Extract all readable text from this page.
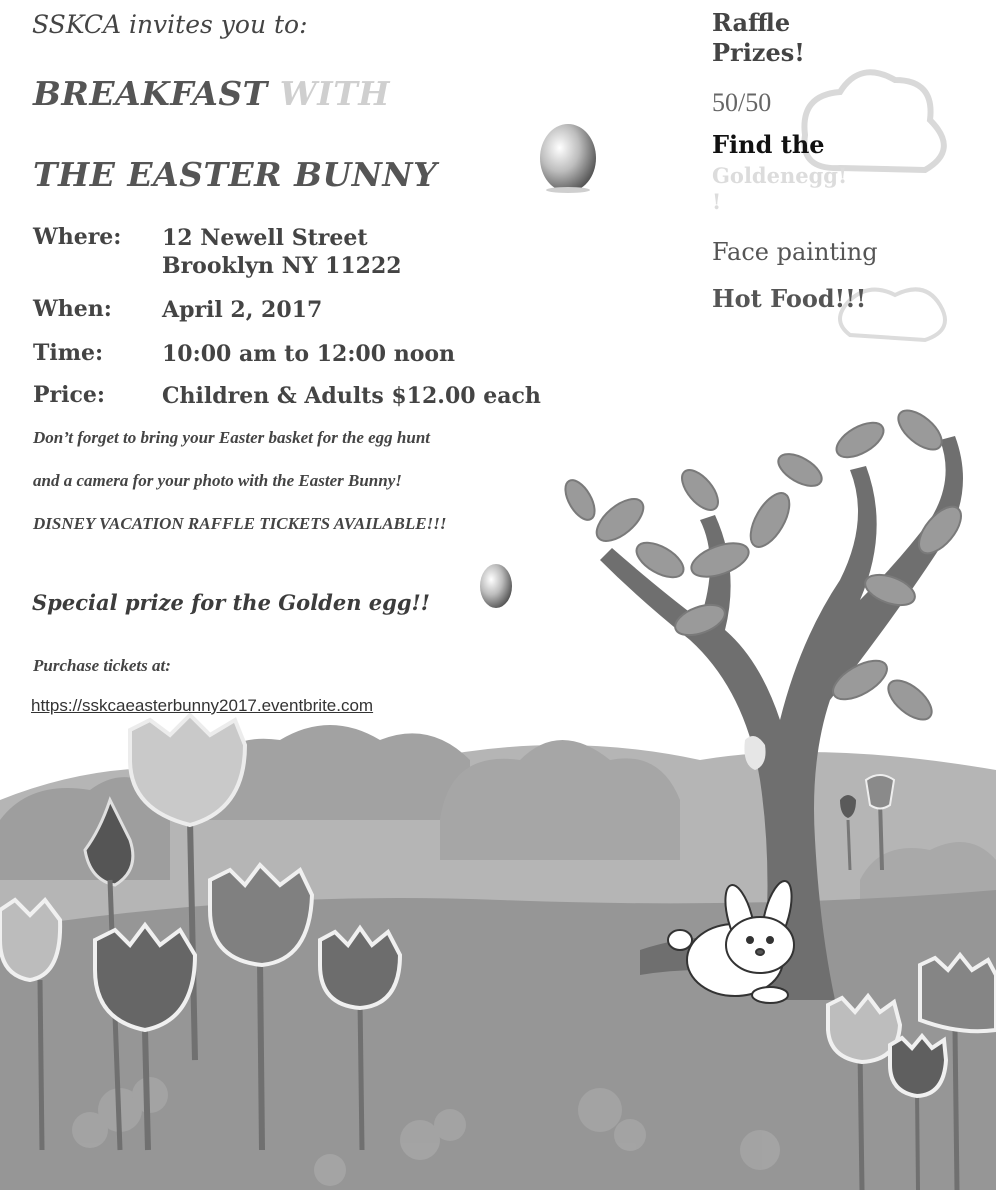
SSKCA invites you to:
BREAKFAST WITH
THE EASTER BUNNY
Where: 12 Newell Street
Brooklyn NY 11222
When: April 2, 2017
Time:	10:00 am to 12:00 noon
Price:	Children & Adults $12.00 each
Don’t forget to bring your Easter basket for the egg hunt
and a camera for your photo with the Easter Bunny!
DISNEY VACATION RAFFLE TICKETS AVAILABLE!!!
Special prize for the Golden egg!!
Purchase tickets at:
https://sskcaeasterbunny2017.eventbrite.com
Raffle
Prizes!
50/50
Find the
Goldenegg!
!
Face painting
Hot Food!!!
